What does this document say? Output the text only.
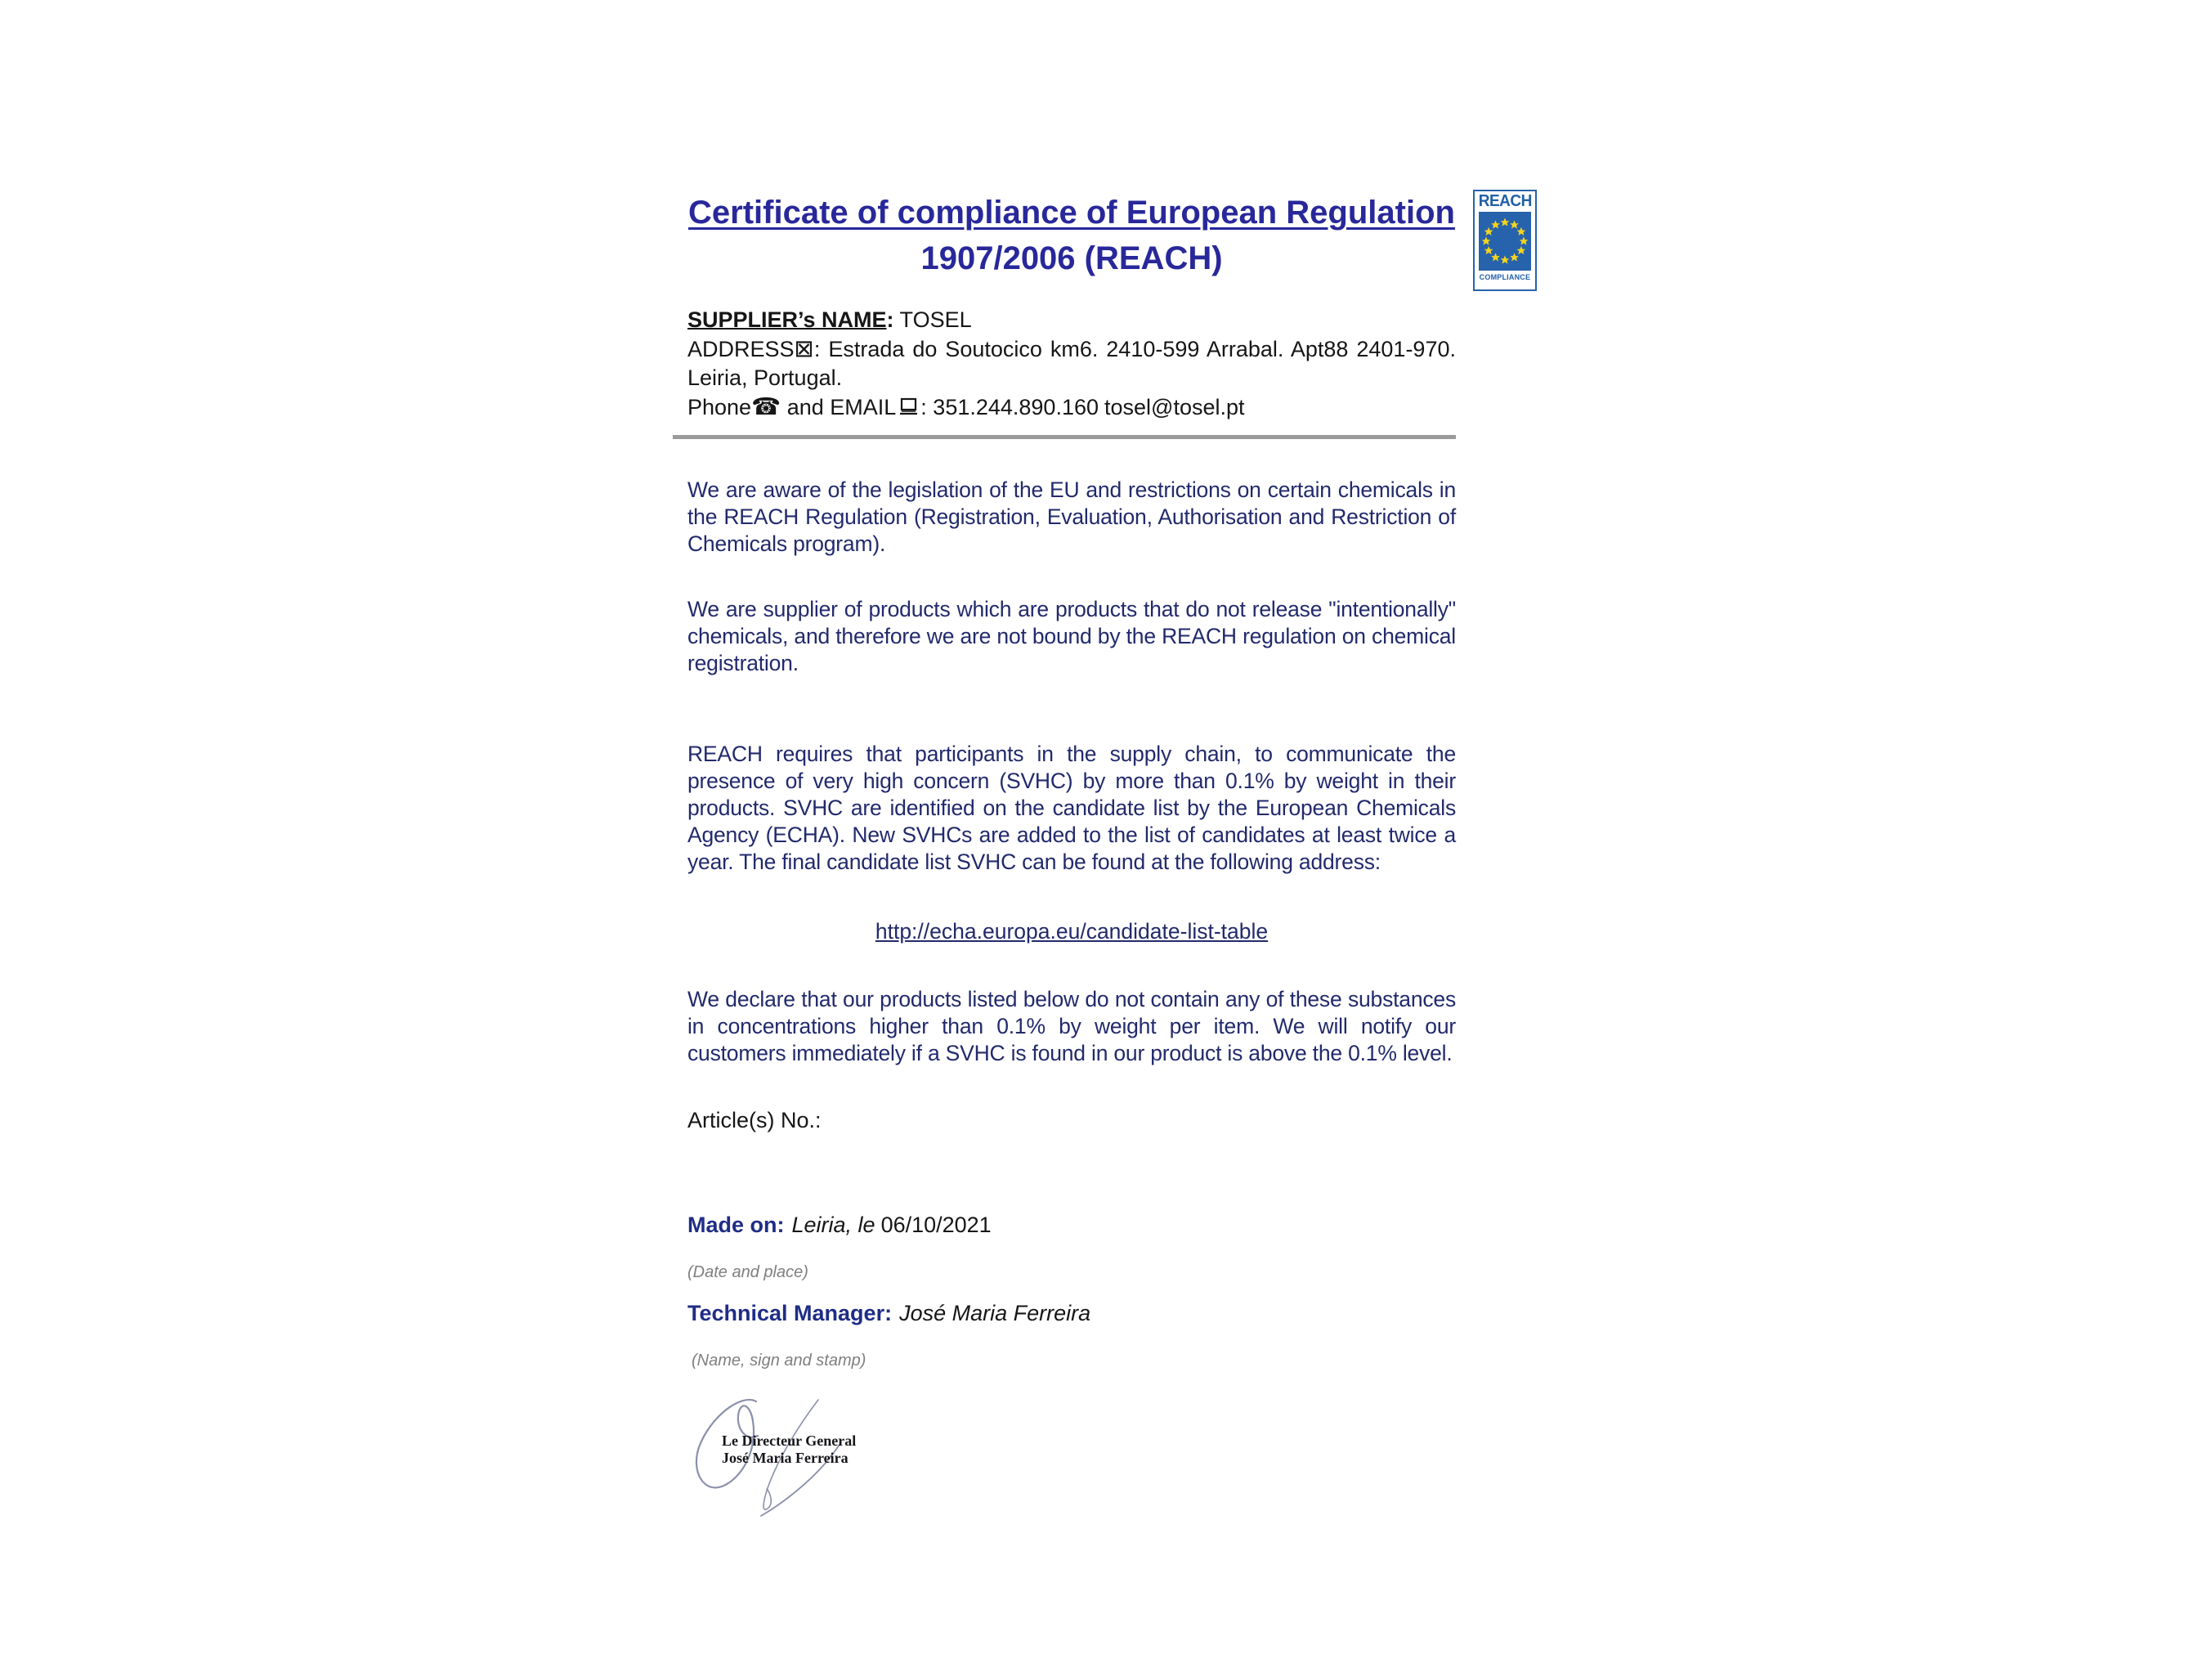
REACH
COMPLIANCE
Certificate of compliance of European Regulation
1907/2006 (REACH)

SUPPLIER’s NAME: TOSEL

ADDRESS⊠: Estrada do Soutocico km6. 2410-599 Arrabal. Apt88 2401-970. Leiria, Portugal.

Phone☎ and EMAIL : 351.244.890.160 tosel@tosel.pt

We are aware of the legislation of the EU and restrictions on certain chemicals in the REACH Regulation (Registration, Evaluation, Authorisation and Restriction of Chemicals program).

We are supplier of products which are products that do not release "intentionally" chemicals, and therefore we are not bound by the REACH regulation on chemical registration.

REACH requires that participants in the supply chain, to communicate the presence of very high concern (SVHC) by more than 0.1% by weight in their products. SVHC are identified on the candidate list by the European Chemicals Agency (ECHA). New SVHCs are added to the list of candidates at least twice a year. The final candidate list SVHC can be found at the following address:

http://echa.europa.eu/candidate-list-table

We declare that our products listed below do not contain any of these substances in concentrations higher than 0.1% by weight per item. We will notify our customers immediately if a SVHC is found in our product is above the 0.1% level.

Article(s) No.:

Made on: Leiria, le 06/10/2021

(Date and place)

Technical Manager: José Maria Ferreira

(Name, sign and stamp)

Le Directeur General
José Maria Ferreira
